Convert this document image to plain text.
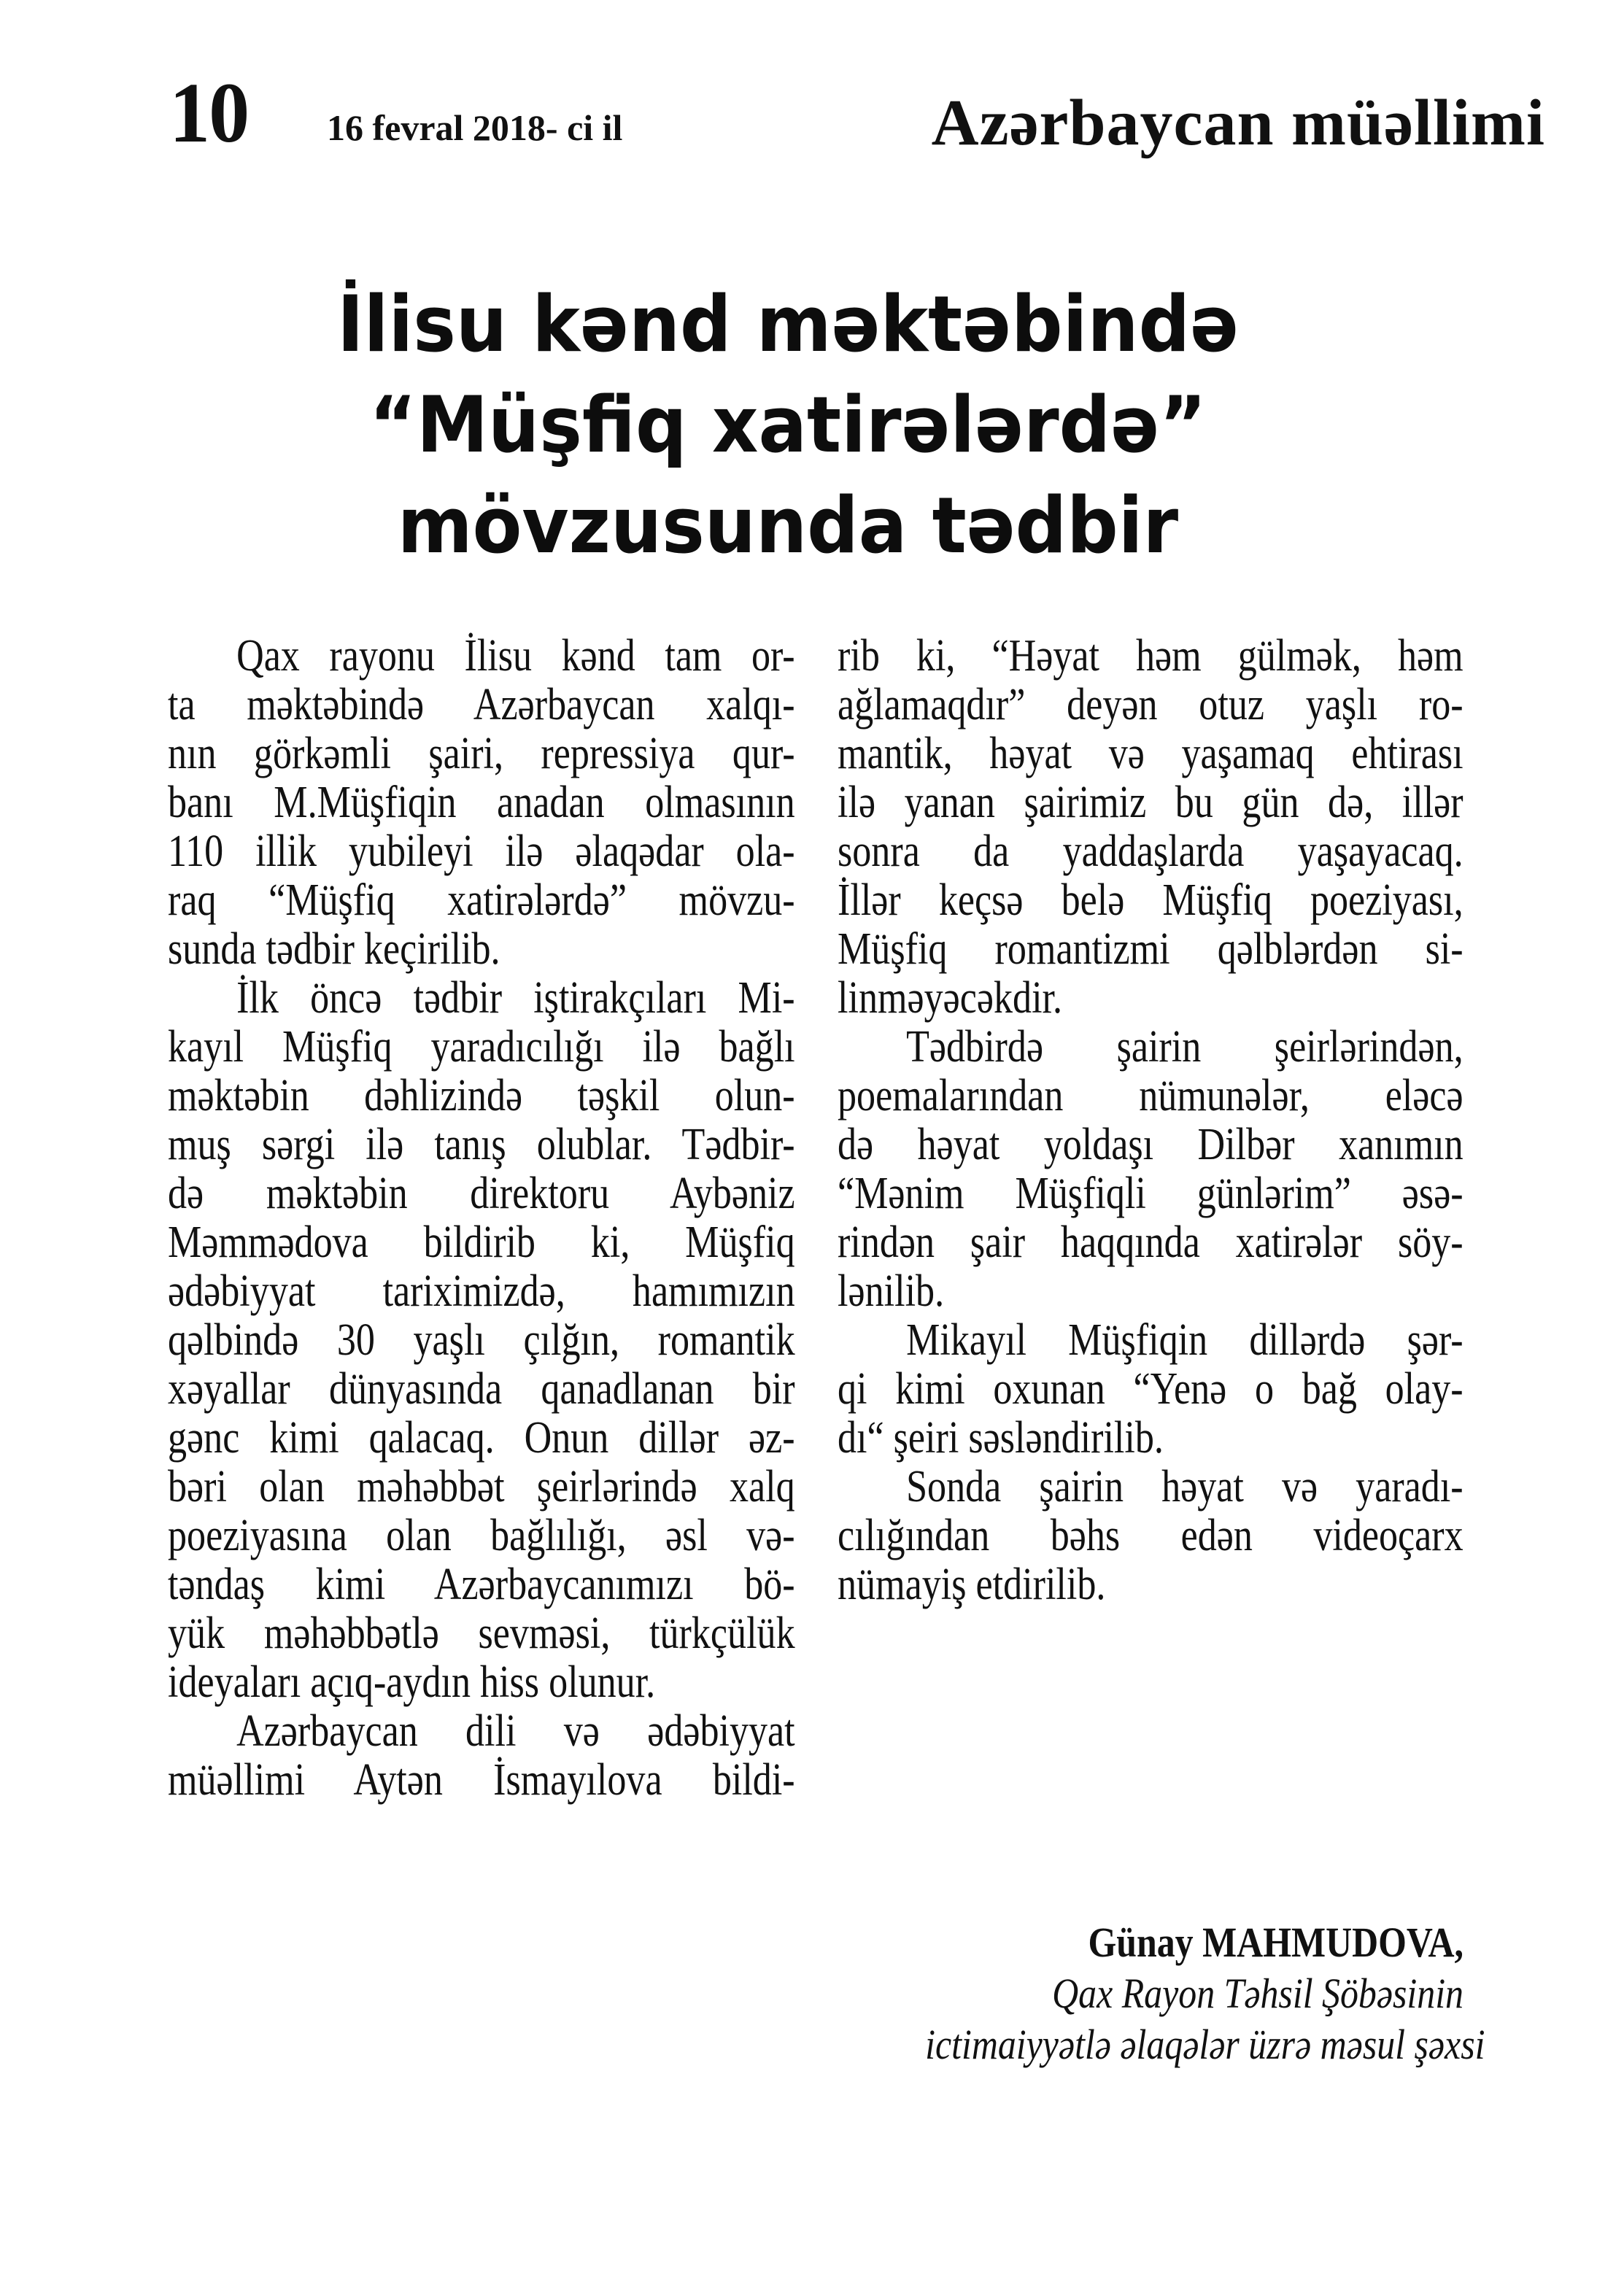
10 16 fevral 2018- ci il	Azərbaycan müəllimi
İlisu kənd məktəbində
“Müşfiq xatirələrdə”
mövzusunda tədbir
Qax rayonu İlisu kənd tam or-
ta məktəbində Azərbaycan xalqı-
nın görkəmli şairi, repressiya qur-
banı M.Müşfiqin anadan olmasının
110 illik yubileyi ilə əlaqədar ola-
raq “Müşfiq xatirələrdə” mövzu-
sunda tədbir keçirilib.
İlk öncə tədbir iştirakçıları Mi-
kayıl Müşfiq yaradıcılığı ilə bağlı
məktəbin dəhlizində təşkil olun-
muş sərgi ilə tanış olublar. Tədbir-
də məktəbin direktoru Aybəniz
Məmmədova bildirib ki, Müşfiq
ədəbiyyat tariximizdə, hamımızın
qəlbində 30 yaşlı çılğın, romantik
xəyallar dünyasında qanadlanan bir
gənc kimi qalacaq. Onun dillər əz-
bəri olan məhəbbət şeirlərində xalq
poeziyasına olan bağlılığı, əsl və-
təndaş kimi Azərbaycanımızı bö-
yük məhəbbətlə sevməsi, türkçülük
ideyaları açıq-aydın hiss olunur.
Azərbaycan dili və ədəbiyyat
müəllimi Aytən İsmayılova bildi-
rib ki, “Həyat həm gülmək, həm
ağlamaqdır” deyən otuz yaşlı ro-
mantik, həyat və yaşamaq ehtirası
ilə yanan şairimiz bu gün də, illər
sonra da yaddaşlarda yaşayacaq.
İllər keçsə belə Müşfiq poeziyası,
Müşfiq romantizmi qəlblərdən si-
linməyəcəkdir.
Tədbirdə şairin şeirlərindən,
poemalarından nümunələr, eləcə
də həyat yoldaşı Dilbər xanımın
“Mənim Müşfiqli günlərim” əsə-
rindən şair haqqında xatirələr söy-
lənilib.
Mikayıl Müşfiqin dillərdə şər-
qi kimi oxunan “Yenə o bağ olay-
dı“ şeiri səsləndirilib.
Sonda şairin həyat və yaradı-
cılığından bəhs edən videoçarx
nümayiş etdirilib.
Günay MAHMUDOVA,
Qax Rayon Təhsil Şöbəsinin
ictimaiyyətlə əlaqələr üzrə məsul şəxsi
